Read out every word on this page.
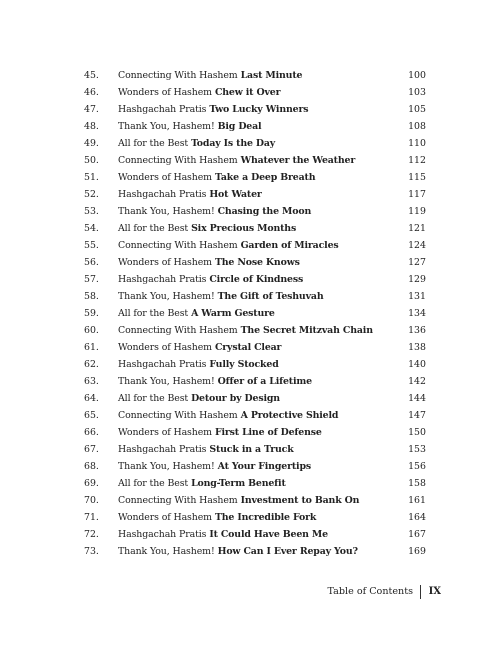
45. Connecting With Hashem Last Minute	100
46. Wonders of Hashem Chew it Over	103
47. Hashgachah Pratis Two Lucky Winners	105
48. Thank You, Hashem! Big Deal	108
49. All for the Best Today Is the Day	110
50. Connecting With Hashem Whatever the Weather	112
51. Wonders of Hashem Take a Deep Breath	115
52. Hashgachah Pratis Hot Water	117
53. Thank You, Hashem! Chasing the Moon	119
54. All for the Best Six Precious Months	121
55. Connecting With Hashem Garden of Miracles	124
56. Wonders of Hashem The Nose Knows	127
57. Hashgachah Pratis Circle of Kindness	129
58. Thank You, Hashem! The Gift of Teshuvah	131
59. All for the Best A Warm Gesture	134
60. Connecting With Hashem The Secret Mitzvah Chain	136
61. Wonders of Hashem Crystal Clear	138
62. Hashgachah Pratis Fully Stocked	140
63. Thank You, Hashem! Offer of a Lifetime	142
64. All for the Best Detour by Design	144
65. Connecting With Hashem A Protective Shield	147
66. Wonders of Hashem First Line of Defense	150
67. Hashgachah Pratis Stuck in a Truck	153
68. Thank You, Hashem! At Your Fingertips	156
69. All for the Best Long-Term Benefit	158
70. Connecting With Hashem Investment to Bank On	161
71. Wonders of Hashem The Incredible Fork	164
72. Hashgachah Pratis It Could Have Been Me	167
73. Thank You, Hashem! How Can I Ever Repay You?	169
Table of Contents IX
